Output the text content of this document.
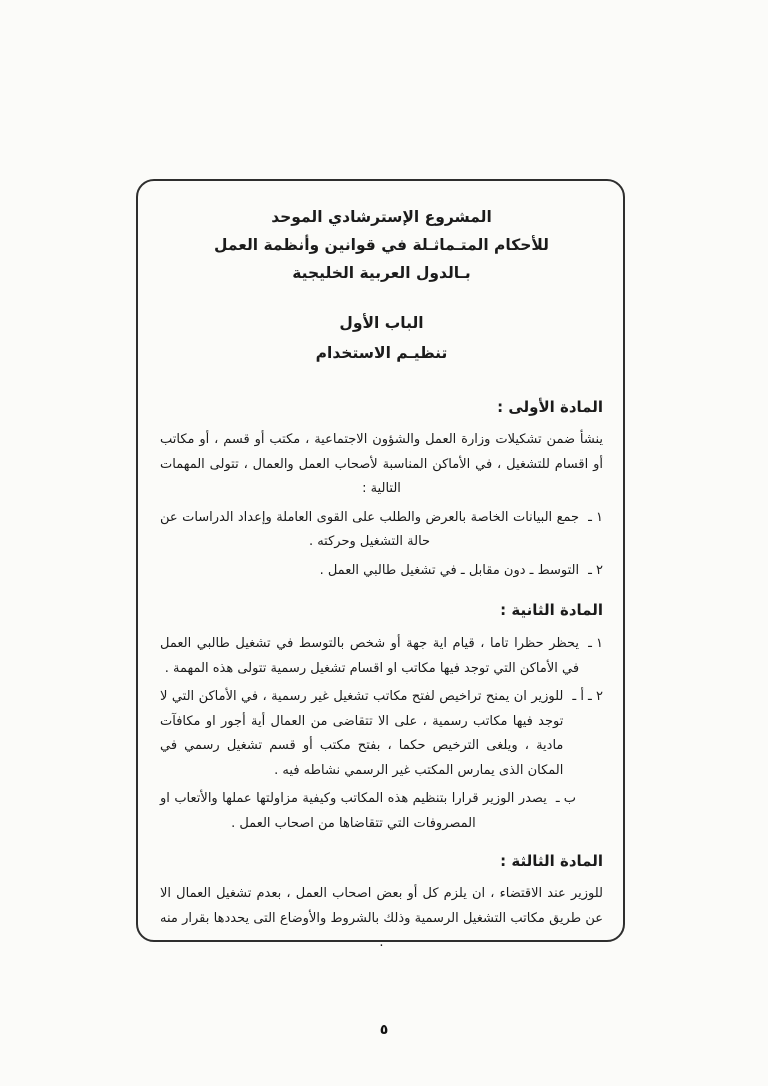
المشروع الإسترشادي الموحد
للأحكام المتـماثـلة في قوانين وأنظمة العمل
بـالدول العربية الخليجية
الباب الأول
تنظيـم الاستخدام
المادة الأولى :

ينشأ ضمن تشكيلات وزارة العمل والشؤون الاجتماعية ، مكتب أو قسم ، أو مكاتب أو اقسام للتشغيل ، في الأماكن المناسبة لأصحاب العمل والعمال ، تتولى المهمات التالية :

١ ـ
جمع البيانات الخاصة بالعرض والطلب على القوى العاملة وإعداد الدراسات عن حالة التشغيل وحركته .
٢ ـ
التوسط ـ دون مقابل ـ في تشغيل طالبي العمل .
المادة الثانية :
١ ـ
يحظر حظرا تاما ، قيام اية جهة أو شخص بالتوسط في تشغيل طالبي العمل في الأماكن التي توجد فيها مكاتب او اقسام تشغيل رسمية تتولى هذه المهمة .
٢ ـ أ ـ
للوزير ان يمنح تراخيص لفتح مكاتب تشغيل غير رسمية ، في الأماكن التي لا توجد فيها مكاتب رسمية ، على الا تتقاضى من العمال أية أجور او مكافآت مادية ، ويلغى الترخيص حكما ، بفتح مكتب أو قسم تشغيل رسمي في المكان الذى يمارس المكتب غير الرسمي نشاطه فيه .
ب ـ
يصدر الوزير قرارا بتنظيم هذه المكاتب وكيفية مزاولتها عملها والأتعاب او المصروفات التي تتقاضاها من اصحاب العمل .
المادة الثالثة :

للوزير عند الاقتضاء ، ان يلزم كل أو بعض اصحاب العمل ، بعدم تشغيل العمال الا عن طريق مكاتب التشغيل الرسمية وذلك بالشروط والأوضاع التى يحددها بقرار منه .

٥
